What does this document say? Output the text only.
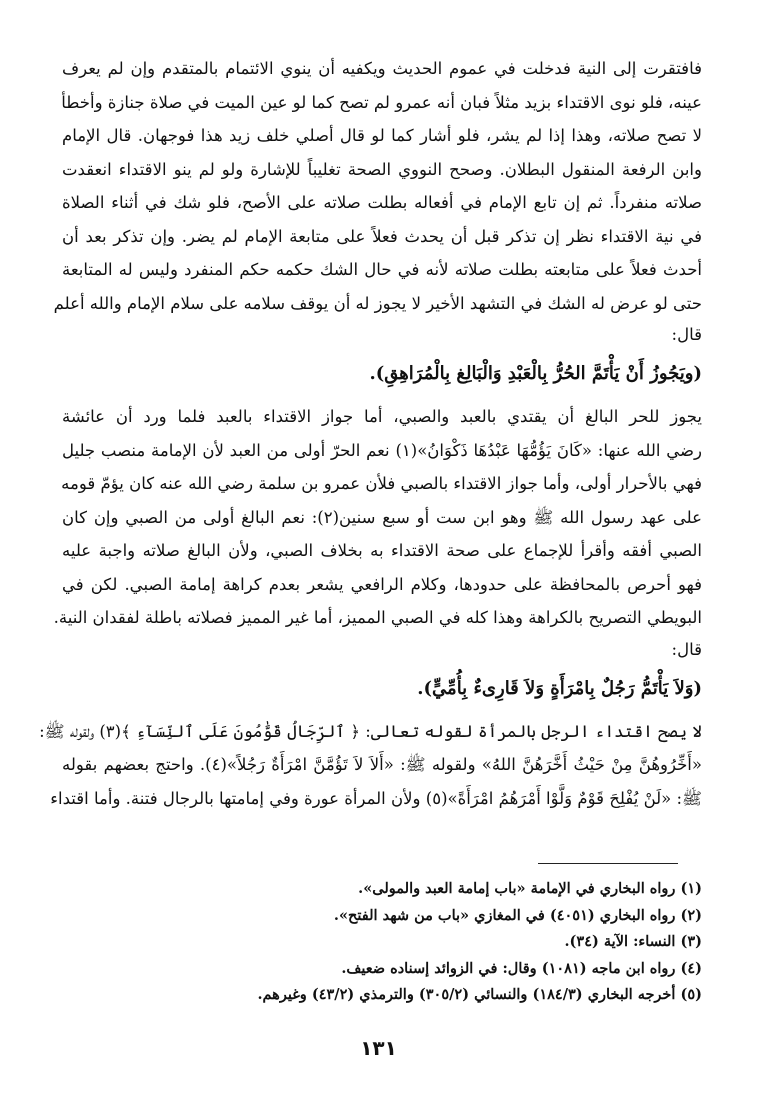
فافتقرت إلى النية فدخلت في عموم الحديث ويكفيه أن ينوي الائتمام بالمتقدم وإن لم يعرف
عينه، فلو نوى الاقتداء بزيد مثلاً فبان أنه عمرو لم تصح كما لو عين الميت في صلاة جنازة وأخطأ
لا تصح صلاته، وهذا إذا لم يشر، فلو أشار كما لو قال أصلي خلف زيد هذا فوجهان. قال الإمام
وابن الرفعة المنقول البطلان. وصحح النووي الصحة تغليباً للإشارة ولو لم ينو الاقتداء انعقدت
صلاته منفرداً. ثم إن تابع الإمام في أفعاله بطلت صلاته على الأصح، فلو شك في أثناء الصلاة
في نية الاقتداء نظر إن تذكر قبل أن يحدث فعلاً على متابعة الإمام لم يضر. وإن تذكر بعد أن
أحدث فعلاً على متابعته بطلت صلاته لأنه في حال الشك حكمه حكم المنفرد وليس له المتابعة
حتى لو عرض له الشك في التشهد الأخير لا يجوز له أن يوقف سلامه على سلام الإمام والله أعلم
قال:
(ويَجُوزُ أَنْ يَأْتَمَّ الحُرُّ بِالْعَبْدِ وَالْبَالِغ بِالْمُرَاهِقِ).
يجوز للحر البالغ أن يقتدي بالعبد والصبي، أما جواز الاقتداء بالعبد فلما ورد أن عائشة
رضي الله عنها: «كَانَ يَؤُمُّهَا عَبْدُهَا ذَكْوَانُ»(١) نعم الحرّ أولى من العبد لأن الإمامة منصب جليل
فهي بالأحرار أولى، وأما جواز الاقتداء بالصبي فلأن عمرو بن سلمة رضي الله عنه كان يؤمّ قومه
على عهد رسول الله ﷺ وهو ابن ست أو سبع سنين(٢): نعم البالغ أولى من الصبي وإن كان
الصبي أفقه وأقرأ للإجماع على صحة الاقتداء به بخلاف الصبي، ولأن البالغ صلاته واجبة عليه
فهو أحرص بالمحافظة على حدودها، وكلام الرافعي يشعر بعدم كراهة إمامة الصبي. لكن في
البويطي التصريح بالكراهة وهذا كله في الصبي المميز، أما غير المميز فصلاته باطلة لفقدان النية.
قال:
(وَلاَ يَأْتَمُّ رَجُلٌ بِامْرَأَةٍ وَلاَ قَارِىءٌ بِأُمِّيٍّ).
لا يصح اقتداء الرجل بالمرأة لقوله تعالى: ﴿ ٱلرِّجَالُ قَوَّٰمُونَ عَلَى ٱلنِّسَآءِ ﴾(٣) ولقوله ﷺ:
«أَخِّرُوهُنَّ مِنْ حَيْثُ أَخَّرَهُنَّ اللهُ» ولقوله ﷺ: «أَلاَ لاَ تَؤُمَّنَّ امْرَأَةٌ رَجُلاً»(٤). واحتج بعضهم بقوله
ﷺ: «لَنْ يُفْلِحَ قَوْمٌ وَلَّوْا أَمْرَهُمُ امْرَأَةً»(٥) ولأن المرأة عورة وفي إمامتها بالرجال فتنة. وأما اقتداء
(١) رواه البخاري في الإمامة «باب إمامة العبد والمولى».
(٢) رواه البخاري (٤٠٥١) في المغازي «باب من شهد الفتح».
(٣) النساء: الآية (٣٤).
(٤) رواه ابن ماجه (١٠٨١) وقال: في الزوائد إسناده ضعيف.
(٥) أخرجه البخاري (١٨٤/٣) والنسائي (٣٠٥/٢) والترمذي (٤٣/٢) وغيرهم.
١٣١
